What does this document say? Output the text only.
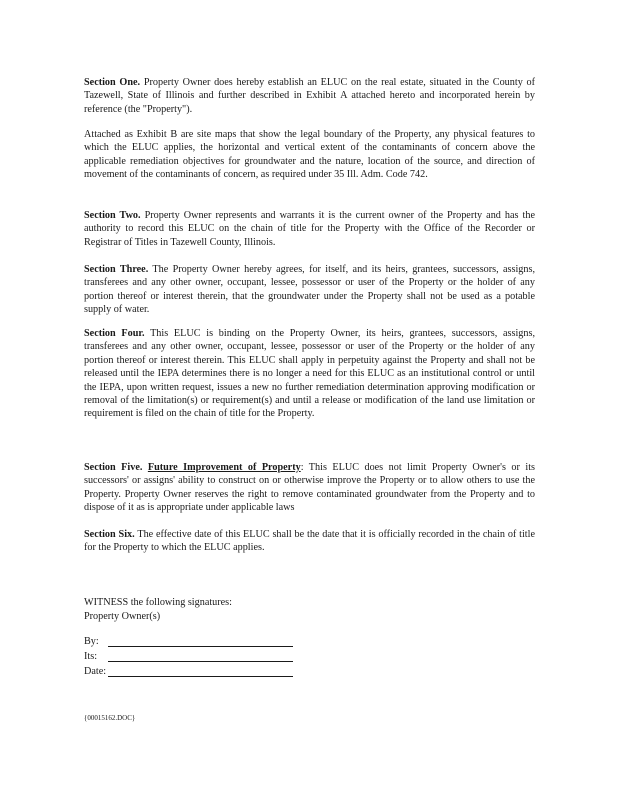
Section One. Property Owner does hereby establish an ELUC on the real estate, situated in the County of Tazewell, State of Illinois and further described in Exhibit A attached hereto and incorporated herein by reference (the "Property").

Attached as Exhibit B are site maps that show the legal boundary of the Property, any physical features to which the ELUC applies, the horizontal and vertical extent of the contaminants of concern above the applicable remediation objectives for groundwater and the nature, location of the source, and direction of movement of the contaminants of concern, as required under 35 Ill. Adm. Code 742.

Section Two. Property Owner represents and warrants it is the current owner of the Property and has the authority to record this ELUC on the chain of title for the Property with the Office of the Recorder or Registrar of Titles in Tazewell County, Illinois.

Section Three. The Property Owner hereby agrees, for itself, and its heirs, grantees, successors, assigns, transferees and any other owner, occupant, lessee, possessor or user of the Property or the holder of any portion thereof or interest therein, that the groundwater under the Property shall not be used as a potable supply of water.

Section Four. This ELUC is binding on the Property Owner, its heirs, grantees, successors, assigns, transferees and any other owner, occupant, lessee, possessor or user of the Property or the holder of any portion thereof or interest therein. This ELUC shall apply in perpetuity against the Property and shall not be released until the IEPA determines there is no longer a need for this ELUC as an institutional control or until the IEPA, upon written request, issues a new no further remediation determination approving modification or removal of the limitation(s) or requirement(s) and until a release or modification of the land use limitation or requirement is filed on the chain of title for the Property.

Section Five. Future Improvement of Property: This ELUC does not limit Property Owner's or its successors' or assigns' ability to construct on or otherwise improve the Property or to allow others to use the Property. Property Owner reserves the right to remove contaminated groundwater from the Property and to dispose of it as is appropriate under applicable laws

Section Six. The effective date of this ELUC shall be the date that it is officially recorded in the chain of title for the Property to which the ELUC applies.

WITNESS the following signatures:

Property Owner(s)

By:
Its:
Date:
{00015162.DOC}
